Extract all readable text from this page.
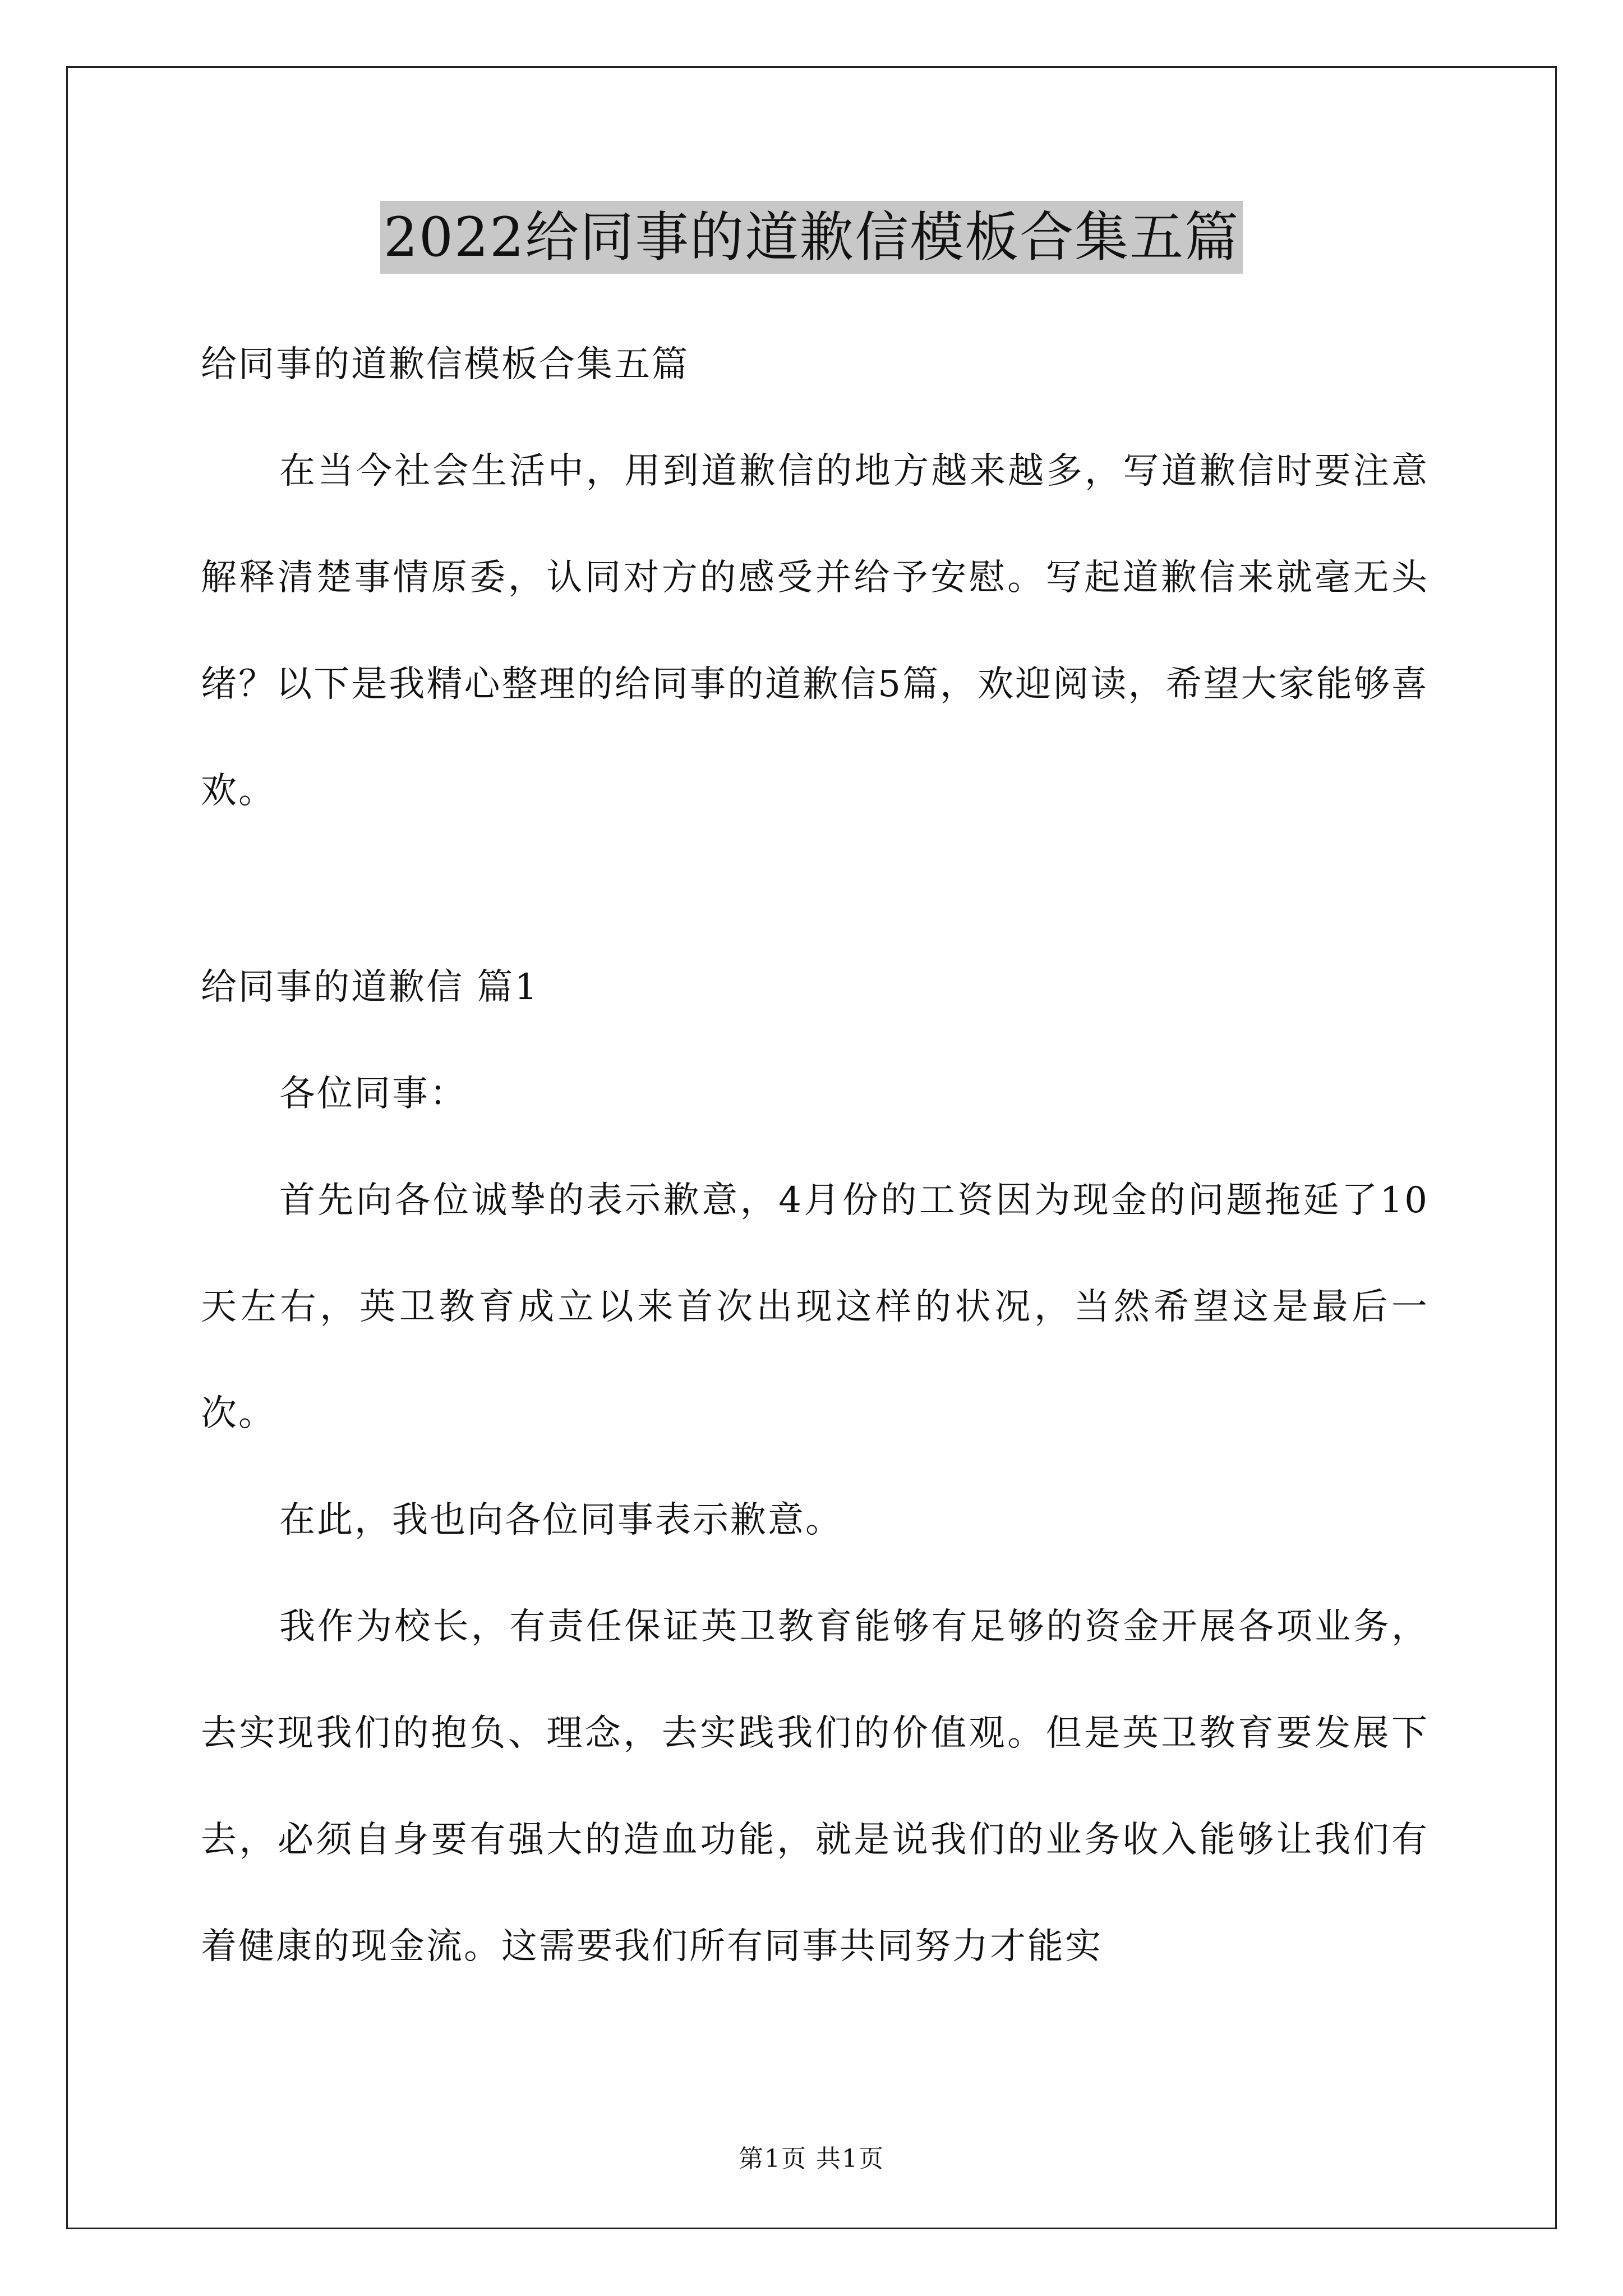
2022给同事的道歉信模板合集五篇

给同事的道歉信模板合集五篇

在当今社会生活中，用到道歉信的地方越来越多，写道歉信时要注意解释清楚事情原委，认同对方的感受并给予安慰。写起道歉信来就毫无头绪？以下是我精心整理的给同事的道歉信5篇，欢迎阅读，希望大家能够喜欢。

给同事的道歉信 篇1

各位同事：

首先向各位诚挚的表示歉意，4月份的工资因为现金的问题拖延了10天左右，英卫教育成立以来首次出现这样的状况，当然希望这是最后一次。

在此，我也向各位同事表示歉意。

我作为校长，有责任保证英卫教育能够有足够的资金开展各项业务，去实现我们的抱负、理念，去实践我们的价值观。但是英卫教育要发展下去，必须自身要有强大的造血功能，就是说我们的业务收入能够让我们有着健康的现金流。这需要我们所有同事共同努力才能实

第1页 共1页
